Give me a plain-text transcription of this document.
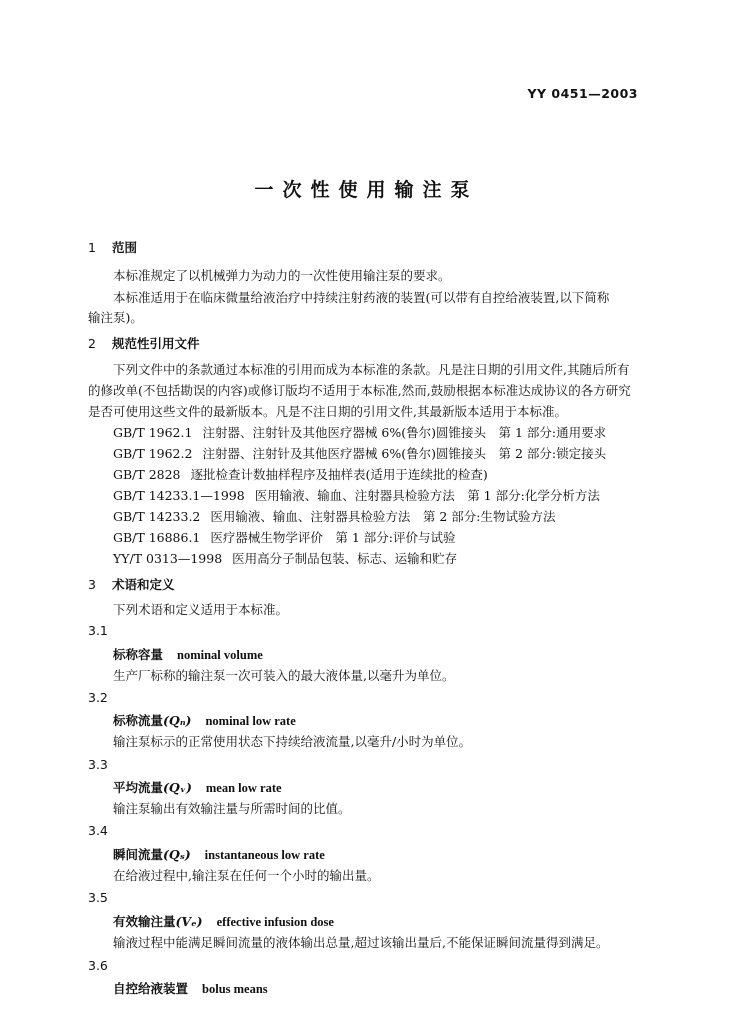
YY 0451—2003
一次性使用输注泵
1 范围
本标准规定了以机械弹力为动力的一次性使用输注泵的要求。
本标准适用于在临床微量给液治疗中持续注射药液的装置(可以带有自控给液装置,以下简称
输注泵)。
2 规范性引用文件
下列文件中的条款通过本标准的引用而成为本标准的条款。凡是注日期的引用文件,其随后所有
的修改单(不包括勘误的内容)或修订版均不适用于本标准,然而,鼓励根据本标准达成协议的各方研究
是否可使用这些文件的最新版本。凡是不注日期的引用文件,其最新版本适用于本标准。
GB/T 1962.1 注射器、注射针及其他医疗器械 6%(鲁尔)圆锥接头　第 1 部分:通用要求
GB/T 1962.2 注射器、注射针及其他医疗器械 6%(鲁尔)圆锥接头　第 2 部分:锁定接头
GB/T 2828 逐批检查计数抽样程序及抽样表(适用于连续批的检查)
GB/T 14233.1—1998 医用输液、输血、注射器具检验方法　第 1 部分:化学分析方法
GB/T 14233.2 医用输液、输血、注射器具检验方法　第 2 部分:生物试验方法
GB/T 16886.1 医疗器械生物学评价　第 1 部分:评价与试验
YY/T 0313—1998 医用高分子制品包装、标志、运输和贮存
3 术语和定义
下列术语和定义适用于本标准。
3.1
标称容量 nominal volume
生产厂标称的输注泵一次可装入的最大液体量,以毫升为单位。
3.2
标称流量(Qₙ) nominal low rate
输注泵标示的正常使用状态下持续给液流量,以毫升/小时为单位。
3.3
平均流量(Qᵥ) mean low rate
输注泵输出有效输注量与所需时间的比值。
3.4
瞬间流量(Qₛ) instantaneous low rate
在给液过程中,输注泵在任何一个小时的输出量。
3.5
有效输注量(Vₑ) effective infusion dose
输液过程中能满足瞬间流量的液体输出总量,超过该输出量后,不能保证瞬间流量得到满足。
3.6
自控给液装置 bolus means
